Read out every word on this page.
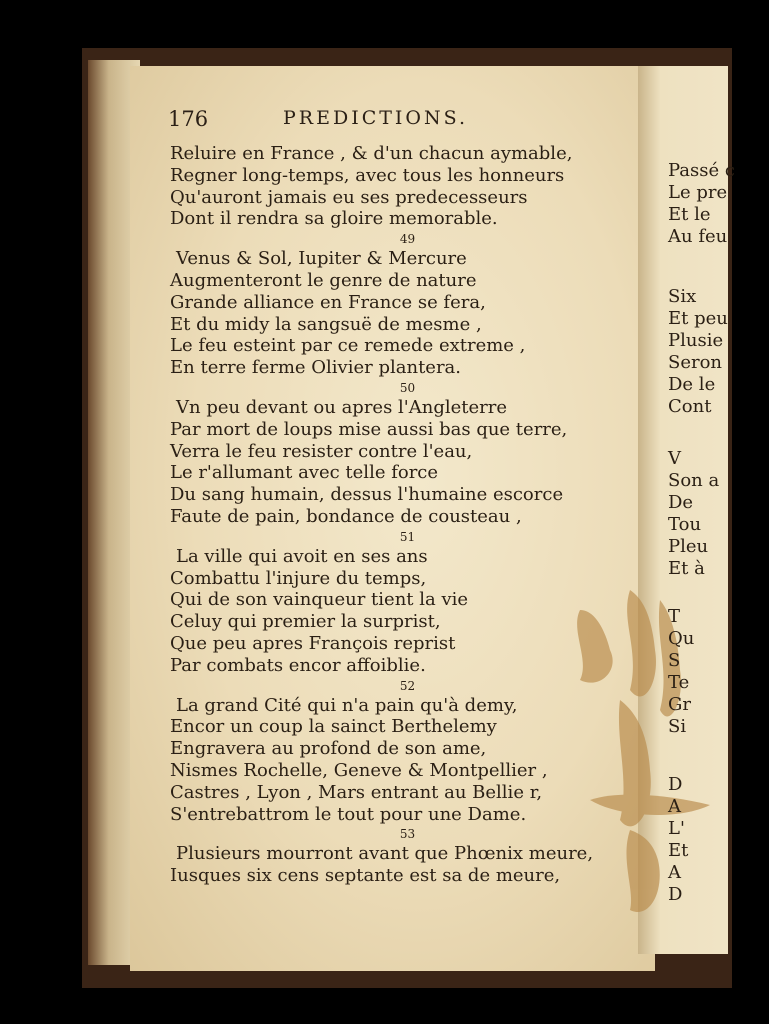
176	PREDICTIONS.
Reluire en France , & d'un chacun aymable,
Regner long-temps, avec tous les honneurs
Qu'auront jamais eu ses predecesseurs
Dont il rendra sa gloire memorable.
49
Venus & Sol, Iupiter & Mercure
Augmenteront le genre de nature
Grande alliance en France se fera,
Et du midy la sangsuë de mesme ,
Le feu esteint par ce remede extreme ,
En terre ferme Olivier plantera.
50
Vn peu devant ou apres l'Angleterre
Par mort de loups mise aussi bas que terre,
Verra le feu resister contre l'eau,
Le r'allumant avec telle force
Du sang humain, dessus l'humaine escorce
Faute de pain, bondance de cousteau ,
51
La ville qui avoit en ses ans
Combattu l'injure du temps,
Qui de son vainqueur tient la vie
Celuy qui premier la surprist,
Que peu apres François reprist
Par combats encor affoiblie.
52
La grand Cité qui n'a pain qu'à demy,
Encor un coup la sainct Berthelemy
Engravera au profond de son ame,
Nismes Rochelle, Geneve & Montpellier ,
Castres , Lyon , Mars entrant au Bellie r,
S'entrebattrom le tout pour une Dame.
53
Plusieurs mourront avant que Phœnix meure,
Iusques six cens septante est sa de meure,
Passé c
Le pre
Et le
Au feu
Six
Et peu
Plusie
Seron
De le
Cont
V
Son a
De
Tou
Pleu
Et à
T
Qu
S
Te
Gr
Si
D
A
L'
Et
A
D
